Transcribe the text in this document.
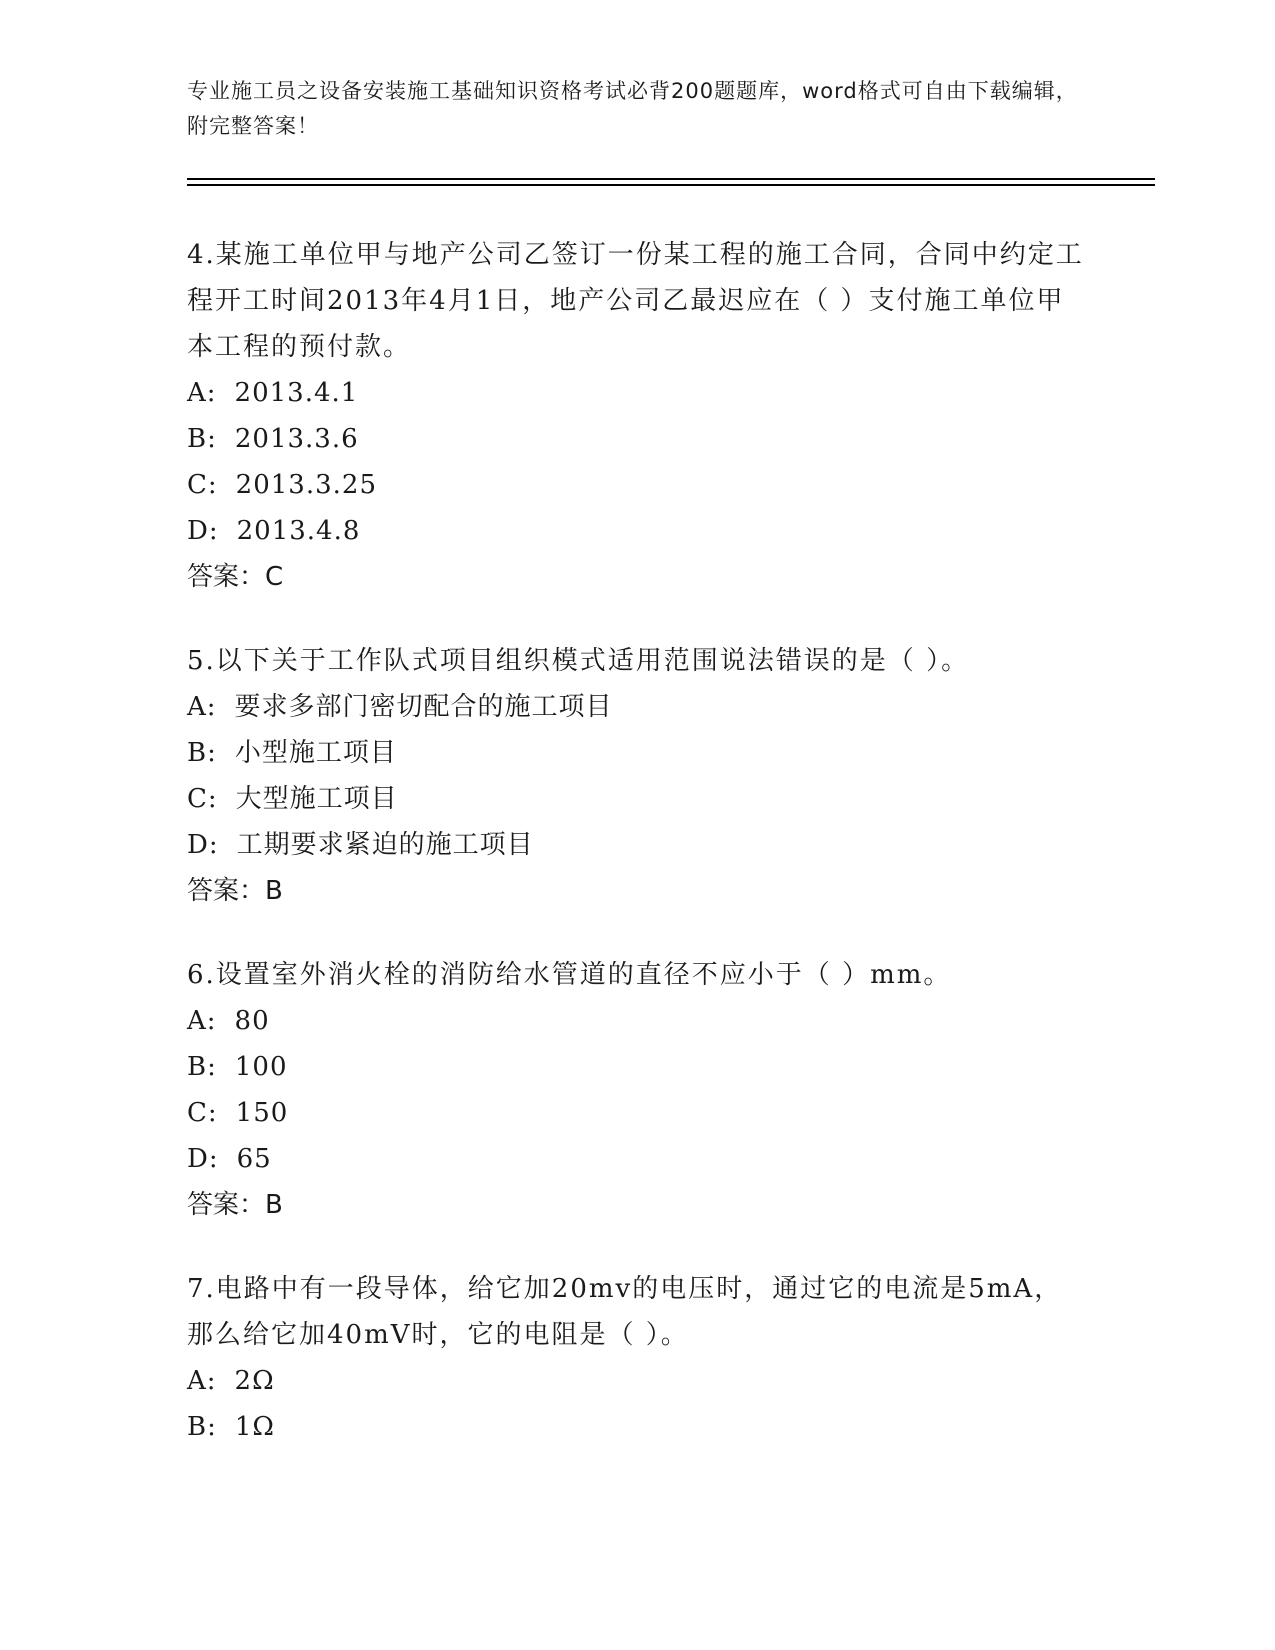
专业施工员之设备安装施工基础知识资格考试必背200题题库，word格式可自由下载编辑，附完整答案！
4.某施工单位甲与地产公司乙签订一份某工程的施工合同，合同中约定工程开工时间2013年4月1日，地产公司乙最迟应在（ ）支付施工单位甲本工程的预付款。
A: 2013.4.1
B: 2013.3.6
C: 2013.3.25
D: 2013.4.8
答案：C
5.以下关于工作队式项目组织模式适用范围说法错误的是（ ）。
A: 要求多部门密切配合的施工项目
B: 小型施工项目
C: 大型施工项目
D: 工期要求紧迫的施工项目
答案：B
6.设置室外消火栓的消防给水管道的直径不应小于（ ）mm。
A: 80
B: 100
C: 150
D: 65
答案：B
7.电路中有一段导体，给它加20mv的电压时，通过它的电流是5mA，那么给它加40mV时，它的电阻是（ ）。
A: 2Ω
B: 1Ω
